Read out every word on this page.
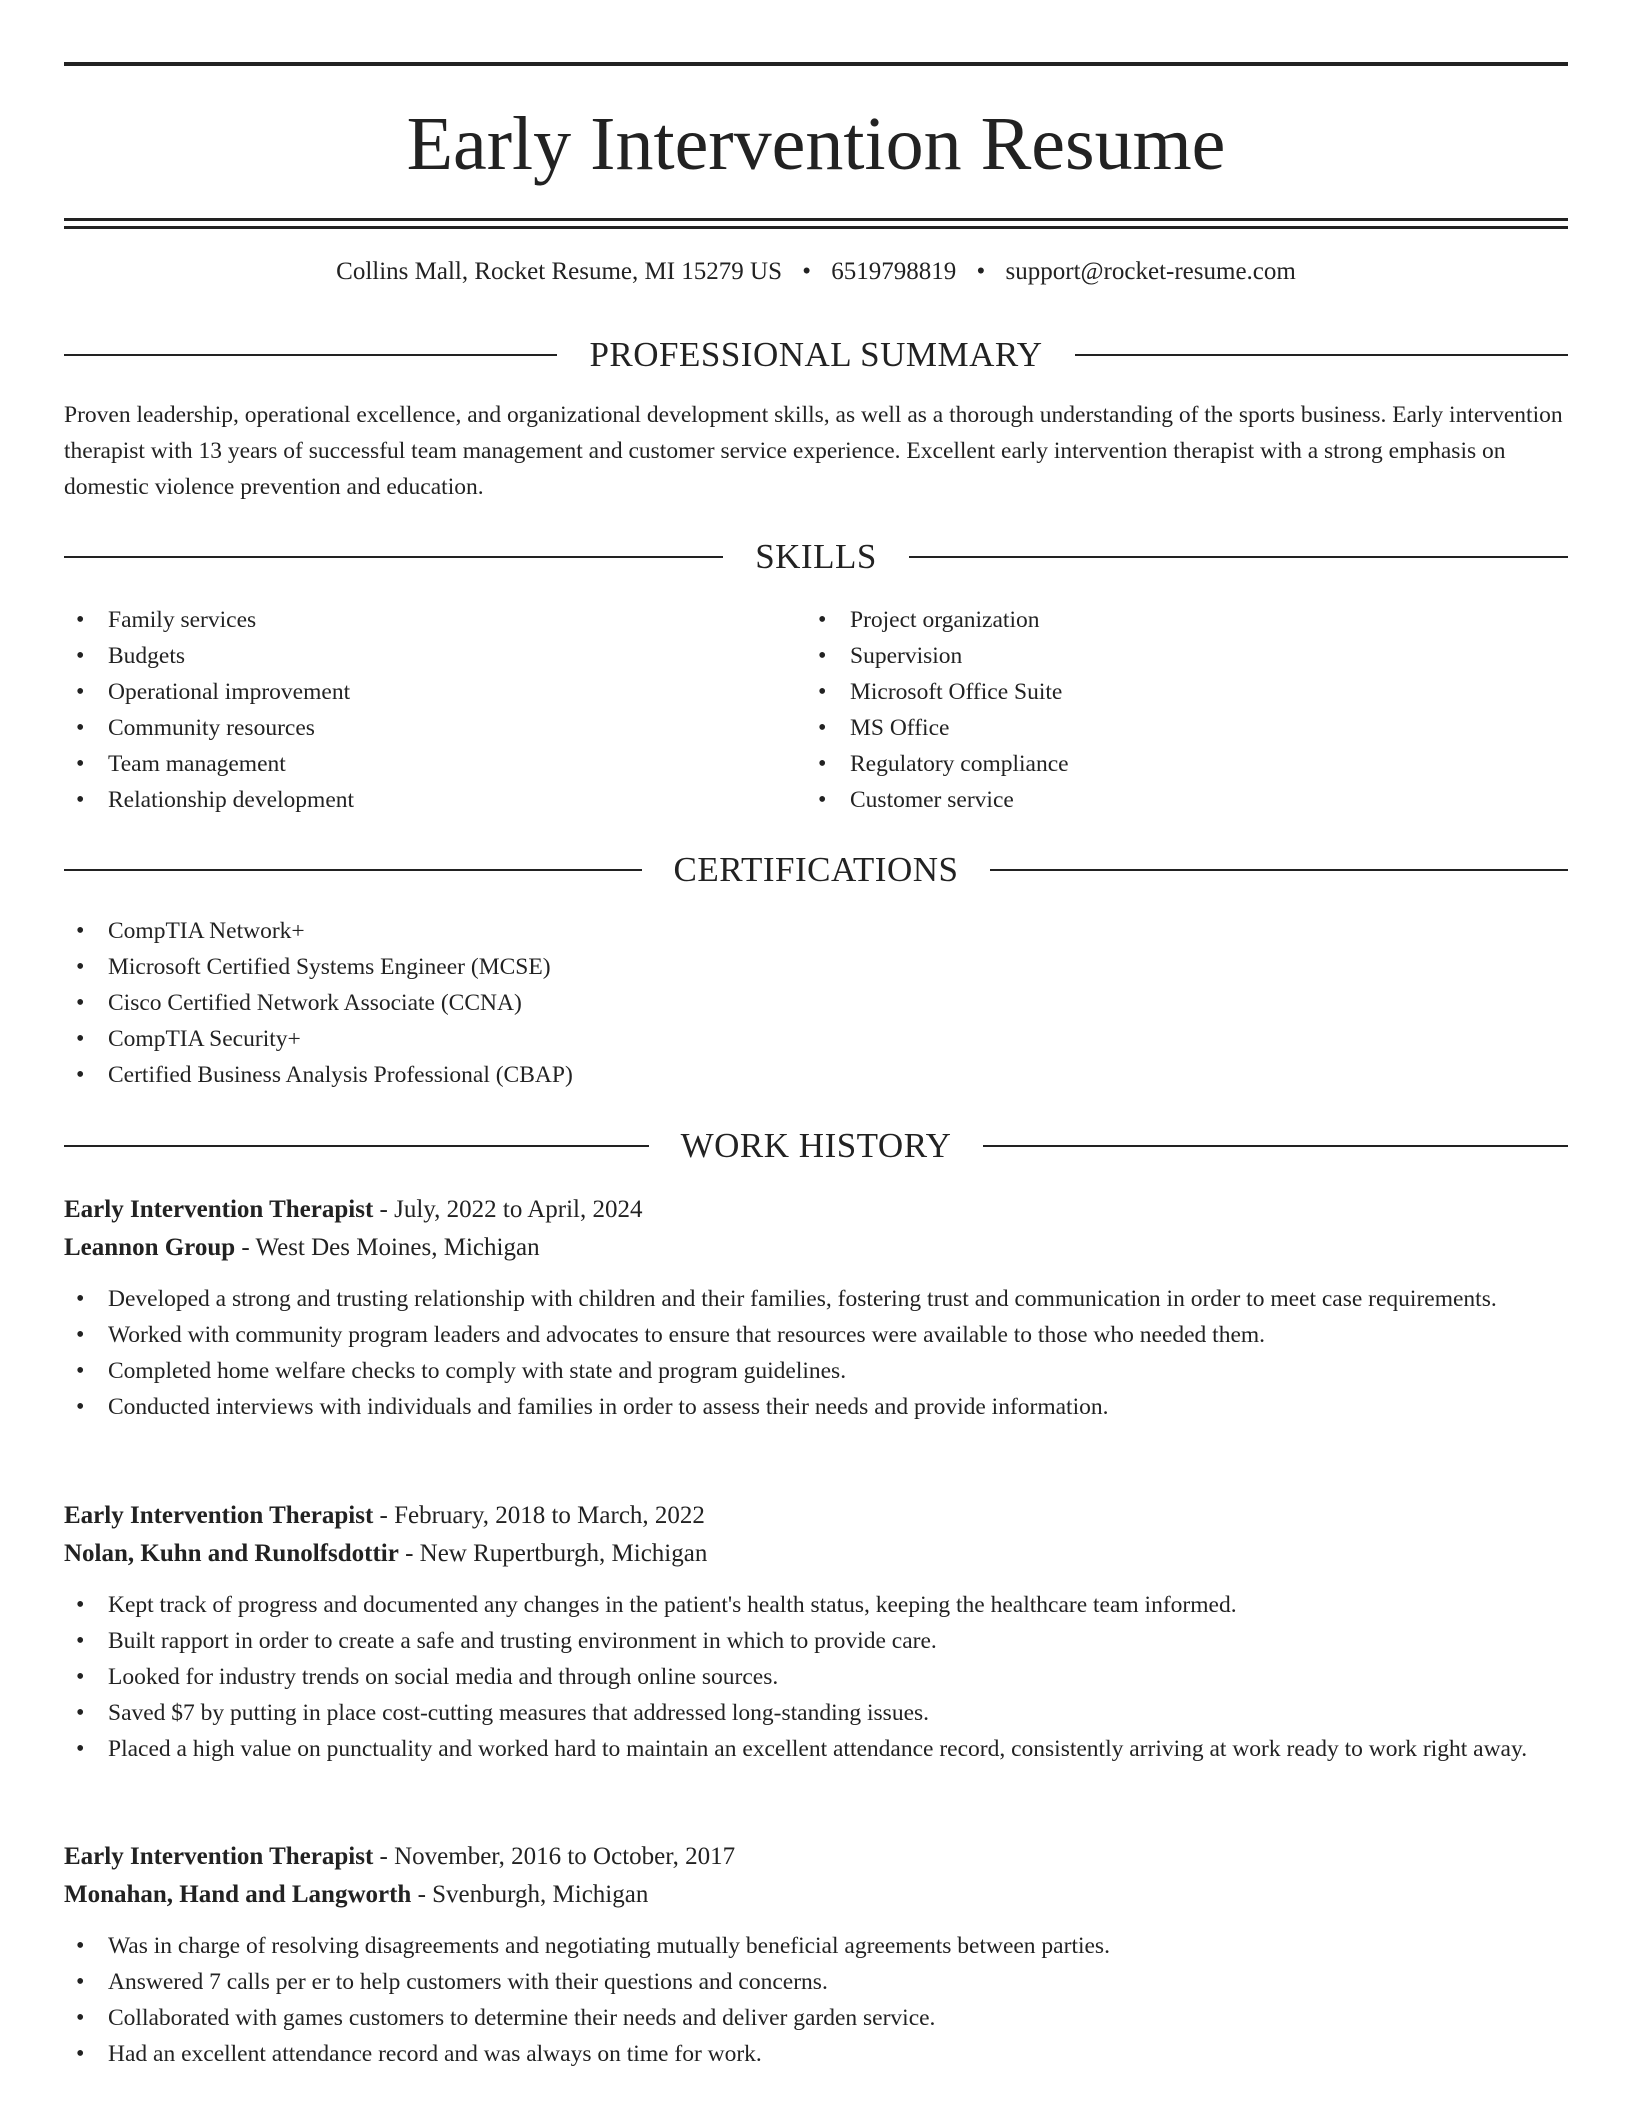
Early Intervention Resume
Collins Mall, Rocket Resume, MI 15279 US • 6519798819 • support@rocket-resume.com
PROFESSIONAL SUMMARY

Proven leadership, operational excellence, and organizational development skills, as well as a thorough understanding of the sports business. Early intervention therapist with 13 years of successful team management and customer service experience. Excellent early intervention therapist with a strong emphasis on domestic violence prevention and education.

SKILLS
• Family services
• Budgets
• Operational improvement
• Community resources
• Team management
• Relationship development
• Project organization
• Supervision
• Microsoft Office Suite
• MS Office
• Regulatory compliance
• Customer service
CERTIFICATIONS
• CompTIA Network+
• Microsoft Certified Systems Engineer (MCSE)
• Cisco Certified Network Associate (CCNA)
• CompTIA Security+
• Certified Business Analysis Professional (CBAP)
WORK HISTORY
Early Intervention Therapist - July, 2022 to April, 2024
Leannon Group - West Des Moines, Michigan
• Developed a strong and trusting relationship with children and their families, fostering trust and communication in order to meet case requirements.
• Worked with community program leaders and advocates to ensure that resources were available to those who needed them.
• Completed home welfare checks to comply with state and program guidelines.
• Conducted interviews with individuals and families in order to assess their needs and provide information.
Early Intervention Therapist - February, 2018 to March, 2022
Nolan, Kuhn and Runolfsdottir - New Rupertburgh, Michigan
• Kept track of progress and documented any changes in the patient's health status, keeping the healthcare team informed.
• Built rapport in order to create a safe and trusting environment in which to provide care.
• Looked for industry trends on social media and through online sources.
• Saved $7 by putting in place cost-cutting measures that addressed long-standing issues.
• Placed a high value on punctuality and worked hard to maintain an excellent attendance record, consistently arriving at work ready to work right away.
Early Intervention Therapist - November, 2016 to October, 2017
Monahan, Hand and Langworth - Svenburgh, Michigan
• Was in charge of resolving disagreements and negotiating mutually beneficial agreements between parties.
• Answered 7 calls per er to help customers with their questions and concerns.
• Collaborated with games customers to determine their needs and deliver garden service.
• Had an excellent attendance record and was always on time for work.
